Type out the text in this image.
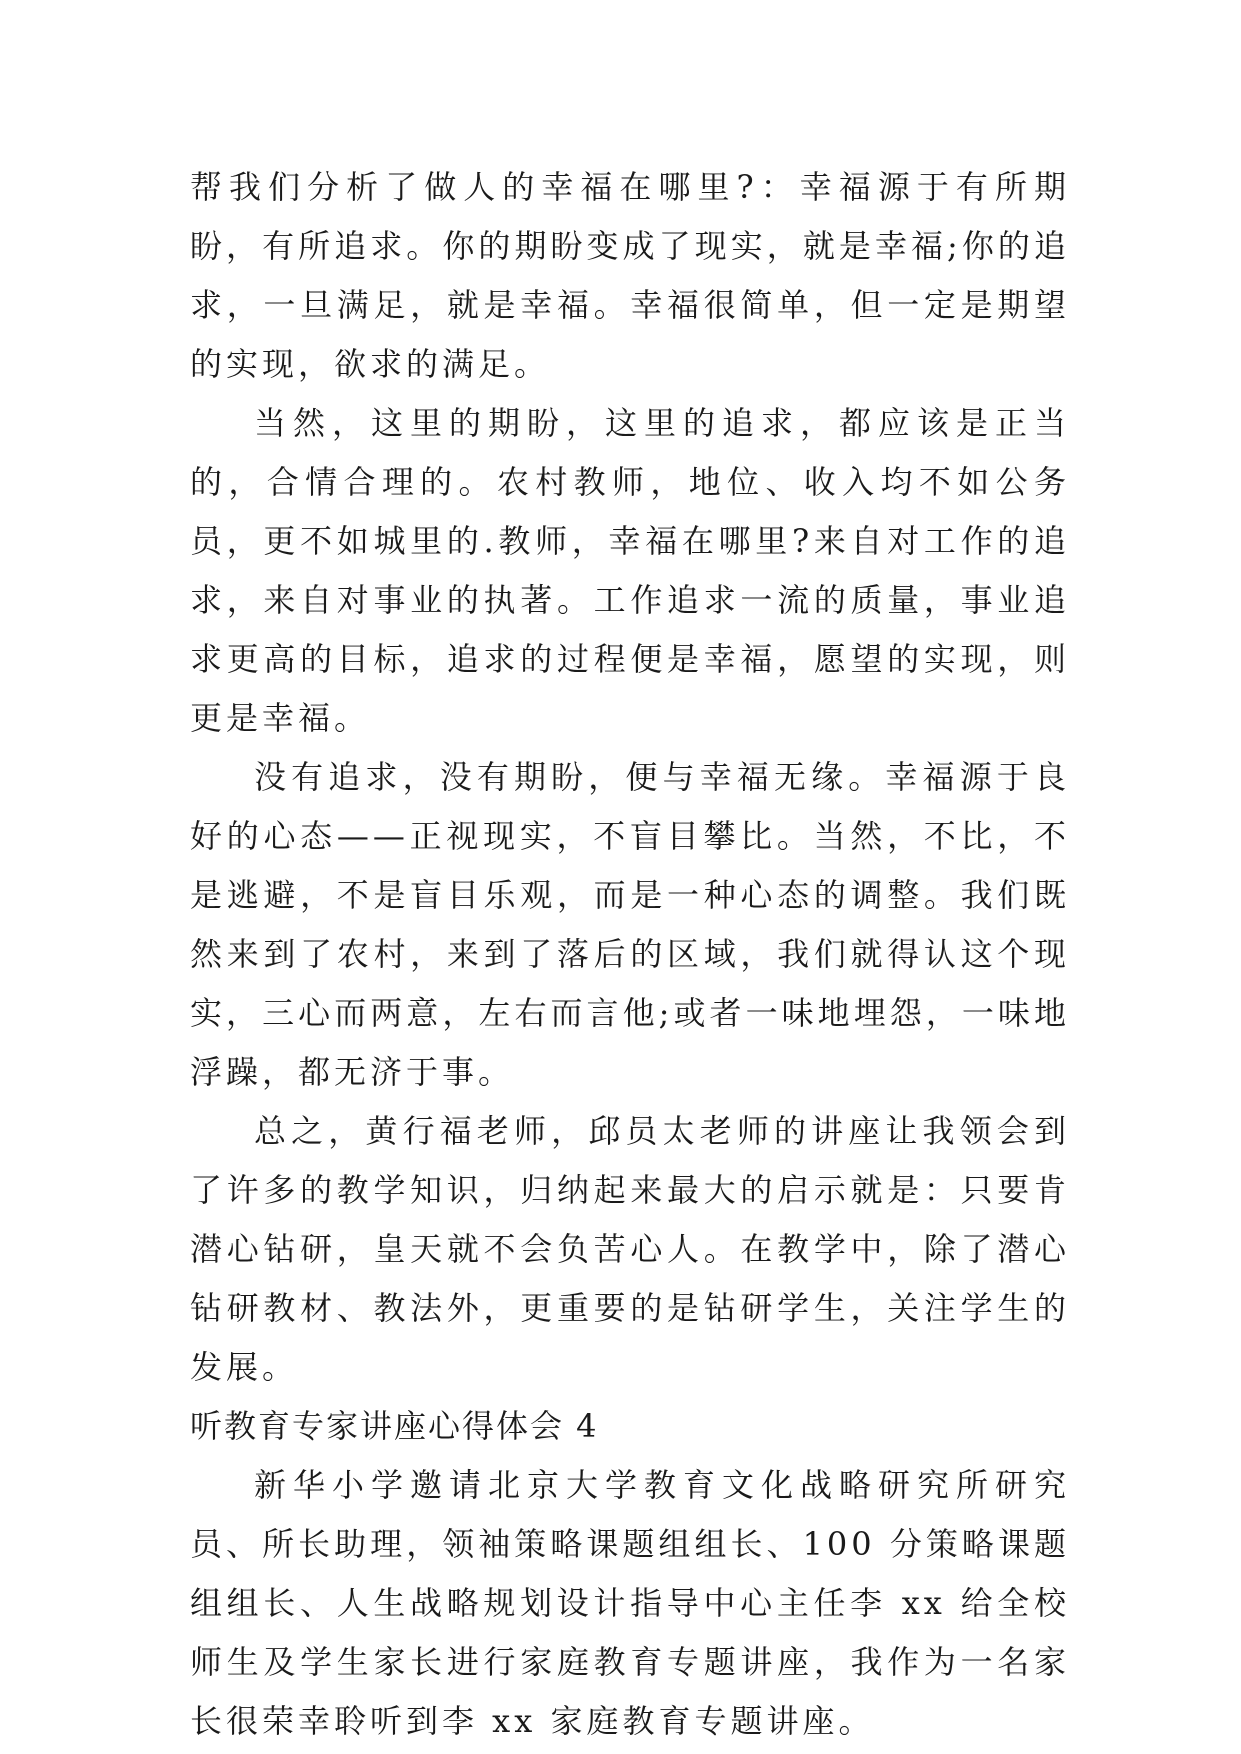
帮我们分析了做人的幸福在哪里?：幸福源于有所期盼，有所追求。你的期盼变成了现实，就是幸福;你的追求，一旦满足，就是幸福。幸福很简单，但一定是期望的实现，欲求的满足。

当然，这里的期盼，这里的追求，都应该是正当的，合情合理的。农村教师，地位、收入均不如公务员，更不如城里的.教师，幸福在哪里?来自对工作的追求，来自对事业的执著。工作追求一流的质量，事业追求更高的目标，追求的过程便是幸福，愿望的实现，则更是幸福。

没有追求，没有期盼，便与幸福无缘。幸福源于良好的心态——正视现实，不盲目攀比。当然，不比，不是逃避，不是盲目乐观，而是一种心态的调整。我们既然来到了农村，来到了落后的区域，我们就得认这个现实，三心而两意，左右而言他;或者一味地埋怨，一味地浮躁，都无济于事。

总之，黄行福老师，邱员太老师的讲座让我领会到了许多的教学知识，归纳起来最大的启示就是：只要肯潜心钻研，皇天就不会负苦心人。在教学中，除了潜心钻研教材、教法外，更重要的是钻研学生，关注学生的发展。

听教育专家讲座心得体会 4

新华小学邀请北京大学教育文化战略研究所研究员、所长助理，领袖策略课题组组长、100 分策略课题组组长、人生战略规划设计指导中心主任李 xx 给全校师生及学生家长进行家庭教育专题讲座，我作为一名家长很荣幸聆听到李 xx 家庭教育专题讲座。
